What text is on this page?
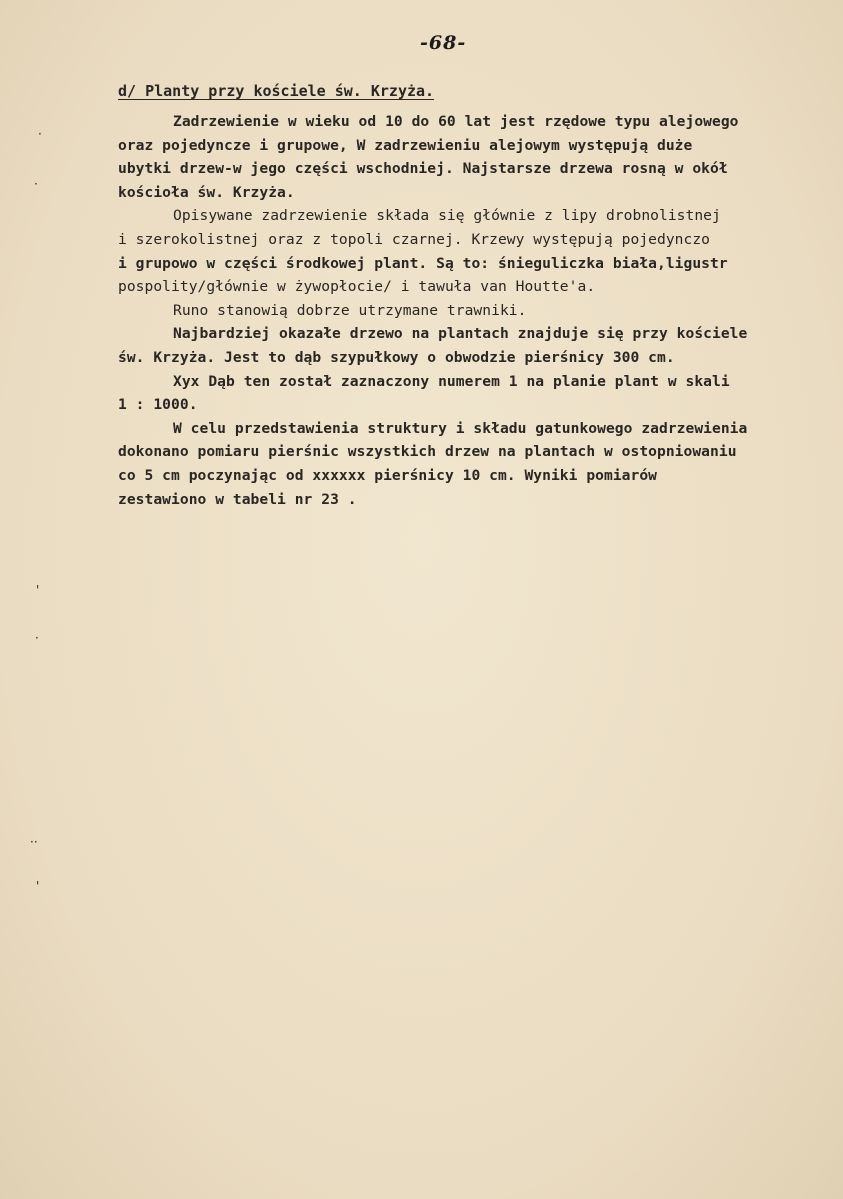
-68-
d/ Planty przy kościele św. Krzyża.
Zadrzewienie w wieku od 10 do 60 lat jest rzędowe typu alejowego
oraz pojedyncze i grupowe, W zadrzewieniu alejowym występują duże
ubytki drzew-w jego części wschodniej. Najstarsze drzewa rosną w okół
kościoła św. Krzyża.
Opisywane zadrzewienie składa się głównie z lipy drobnolistnej
i szerokolistnej oraz z topoli czarnej. Krzewy występują pojedynczo
i grupowo w części środkowej plant. Są to: śnieguliczka biała,ligustr
pospolity/głównie w żywopłocie/ i tawuła van Houtte'a.
Runo stanowią dobrze utrzymane trawniki.
Najbardziej okazałe drzewo na plantach znajduje się przy kościele
św. Krzyża. Jest to dąb szypułkowy o obwodzie pierśnicy 300 cm.
Xyx Dąb ten został zaznaczony numerem 1 na planie plant w skali
1 : 1000.
W celu przedstawienia struktury i składu gatunkowego zadrzewienia
dokonano pomiaru pierśnic wszystkich drzew na plantach w ostopniowaniu
co 5 cm poczynając od xxxxxx pierśnicy 10 cm. Wyniki pomiarów
zestawiono w tabeli nr 23 .
·
·
'
·
··
'
